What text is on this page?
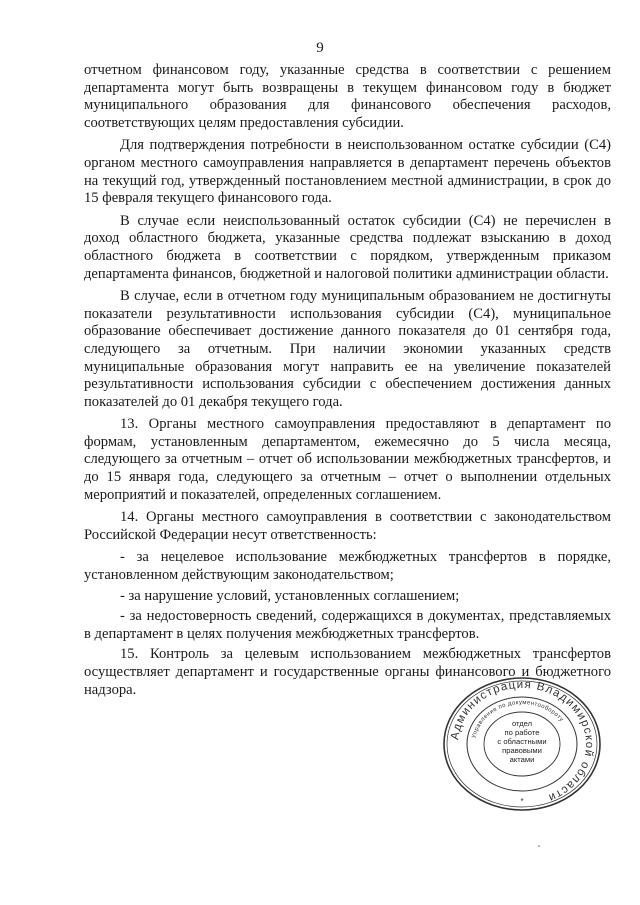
9

отчетном финансовом году, указанные средства в соответствии с решением департамента могут быть возвращены в текущем финансовом году в бюджет муниципального образования для финансового обеспечения расходов, соответствующих целям предоставления субсидии.

Для подтверждения потребности в неиспользованном остатке субсидии (С4) органом местного самоуправления направляется в департамент перечень объектов на текущий год, утвержденный постановлением местной администрации, в срок до 15 февраля текущего финансового года.

В случае если неиспользованный остаток субсидии (С4) не перечислен в доход областного бюджета, указанные средства подлежат взысканию в доход областного бюджета в соответствии с порядком, утвержденным приказом департамента финансов, бюджетной и налоговой политики администрации области.

В случае, если в отчетном году муниципальным образованием не достигнуты показатели результативности использования субсидии (С4), муниципальное образование обеспечивает достижение данного показателя до 01 сентября года, следующего за отчетным. При наличии экономии указанных средств муниципальные образования могут направить ее на увеличение показателей результативности использования субсидии с обеспечением достижения данных показателей до 01 декабря текущего года.

13. Органы местного самоуправления предоставляют в департамент по формам, установленным департаментом, ежемесячно до 5 числа месяца, следующего за отчетным – отчет об использовании межбюджетных трансфертов, и до 15 января года, следующего за отчетным – отчет о выполнении отдельных мероприятий и показателей, определенных соглашением.

14. Органы местного самоуправления в соответствии с законодательством Российской Федерации несут ответственность:

- за нецелевое использование межбюджетных трансфертов в порядке, установленном действующим законодательством;

- за нарушение условий, установленных соглашением;

- за недостоверность сведений, содержащихся в документах, представляемых в департамент в целях получения межбюджетных трансфертов.

15. Контроль за целевым использованием межбюджетных трансфертов осуществляет департамент и государственные органы финансового и бюджетного надзора.

Администрация Владимирской области
Управление по документообороту
отдел
по работе
с областными
правовыми
актами
*
